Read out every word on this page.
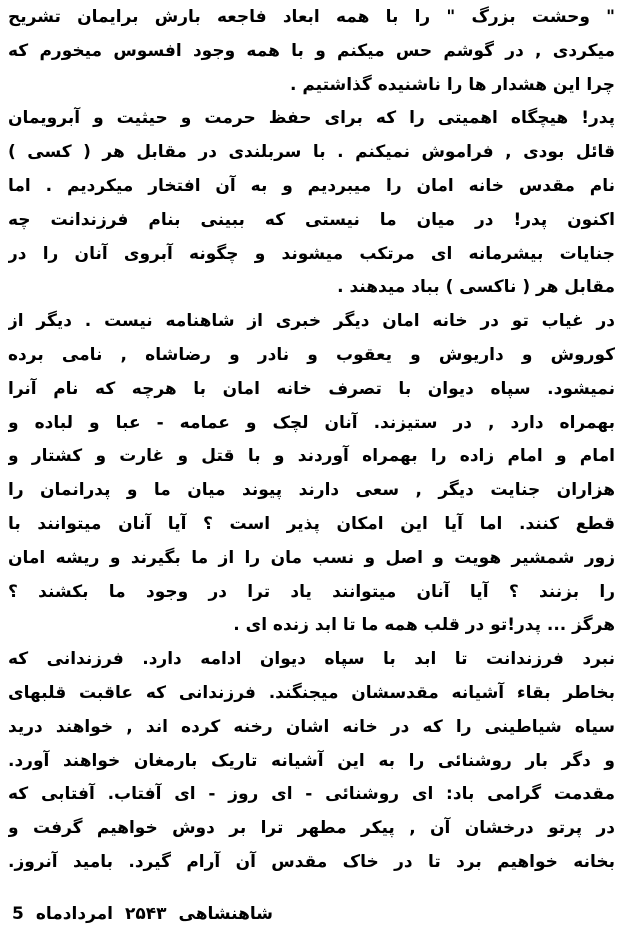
" وحشت بزرگ " را با همه ابعاد فاجعه بارش برایمان تشریح
میکردی , در گوشم حس میکنم و با همه وجود افسوس میخورم که
چرا این هشدار ها را ناشنیده گذاشتیم .
پدر! هیچگاه اهمیتی را که برای حفظ حرمت و حیثیت و آبرویمان
قائل بودی , فراموش نمیکنم . با سربلندی در مقابل هر ( کسی )
نام مقدس خانه امان را میبردیم و به آن افتخار میکردیم . اما
اکنون پدر! در میان ما نیستی که ببینی بنام فرزندانت چه
جنایات بیشرمانه ای مرتکب میشوند و چگونه آبروی آنان را در
مقابل هر ( ناکسی ) بباد میدهند .
در غیاب تو در خانه امان دیگر خبری از شاهنامه نیست . دیگر از
کوروش و داریوش و یعقوب و نادر و رضاشاه , نامی برده
نمیشود. سپاه دیوان با تصرف خانه امان با هرچه که نام آنرا
بهمراه دارد , در ستیزند. آنان لچک و عمامه - عبا و لباده و
امام و امام زاده را بهمراه آوردند و با قتل و غارت و کشتار و
هزاران جنایت دیگر , سعی دارند پیوند میان ما و پدرانمان را
قطع کنند. اما آیا این امکان پذیر است ؟ آیا آنان میتوانند با
زور شمشیر هویت و اصل و نسب مان را از ما بگیرند و ریشه امان
را بزنند ؟ آیا آنان میتوانند یاد ترا در وجود ما بکشند ؟
هرگز ... پدر!تو در قلب همه ما تا ابد زنده ای .
نبرد فرزندانت تا ابد با سپاه دیوان ادامه دارد. فرزندانی که
بخاطر بقاء آشیانه مقدسشان میجنگند. فرزندانی که عاقبت قلبهای
سیاه شیاطینی را که در خانه اشان رخنه کرده اند , خواهند درید
و دگر بار روشنائی را به این آشیانه تاریک بارمغان خواهند آورد.
مقدمت گرامی باد: ای روشنائی - ای روز - ای آفتاب. آفتابی که
در پرتو درخشان آن , پیکر مطهر ترا بر دوش خواهیم گرفت و
بخانه خواهیم برد تا در خاک مقدس آن آرام گیرد. بامید آنروز.
5 امردادماه ۲۵۴۳ شاهنشاهی
